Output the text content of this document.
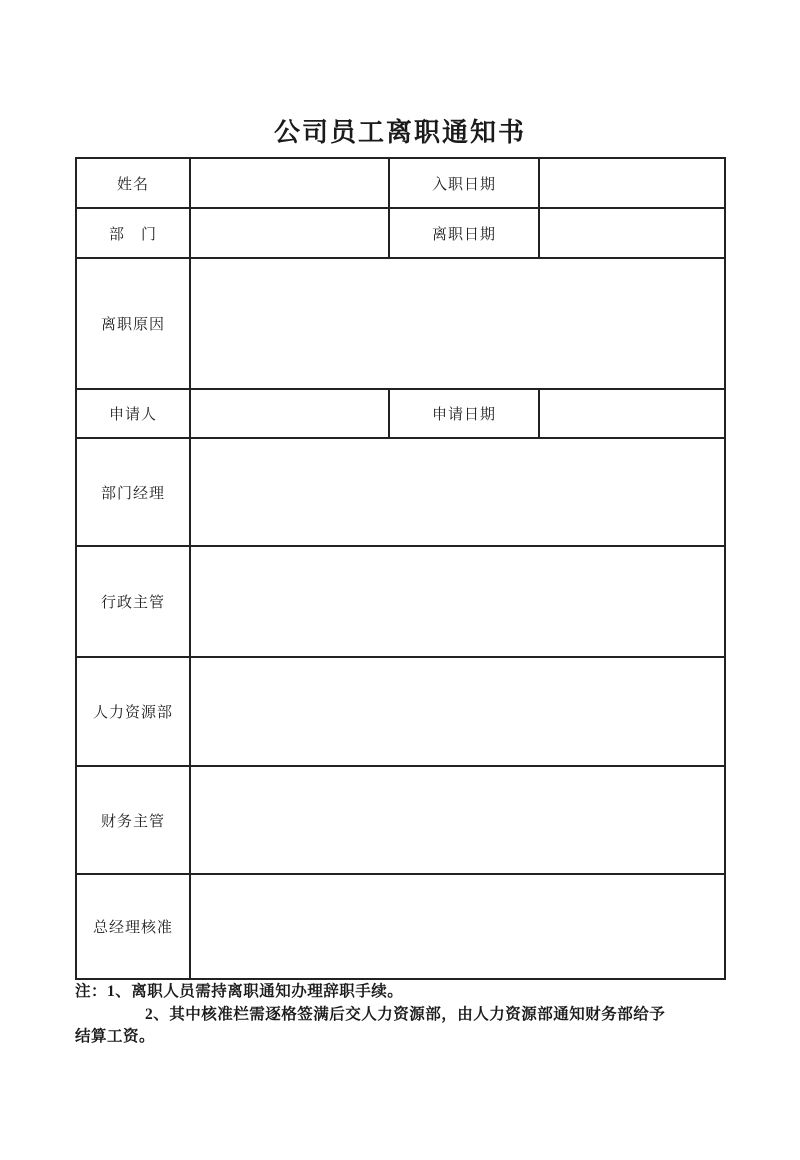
公司员工离职通知书
姓名		入职日期	
部　门		离职日期	
离职原因			
申请人		申请日期	
部门经理			
行政主管			
人力资源部			
财务主管			
总经理核准			
注：1、离职人员需持离职通知办理辞职手续。
2、其中核准栏需逐格签满后交人力资源部，由人力资源部通知财务部给予
结算工资。
